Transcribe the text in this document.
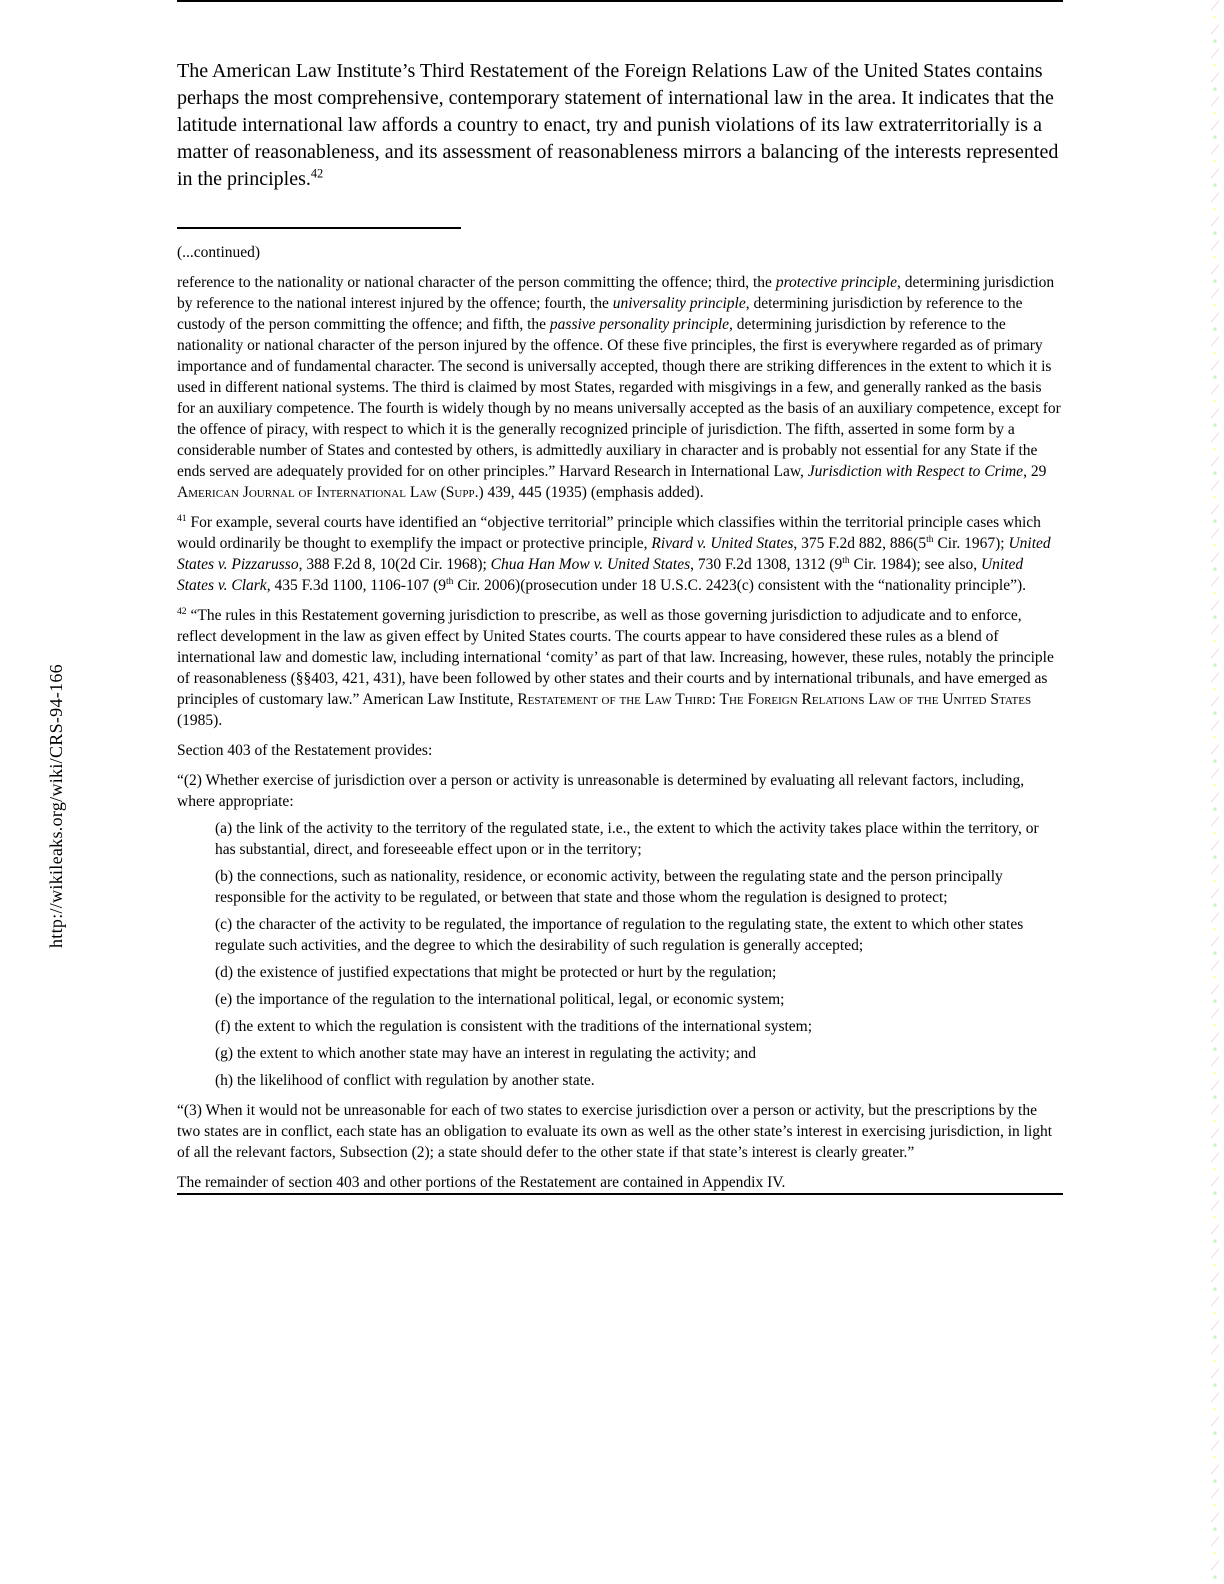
⟋
•
⟋
•
⟋
•
⟋
•
⟋
•
⟋
•
⟋
•
⟋
•
⟋
•
⟋
•
⟋
•
⟋
•
⟋
•
⟋
•
⟋
•
⟋
•
⟋
•
⟋
•
⟋
•
⟋
•
⟋
•
⟋
•
⟋
•
⟋
•
⟋
•
⟋
•
⟋
•
⟋
•
⟋
•
⟋
•
⟋
•
⟋
•
⟋
•
⟋
•
⟋
•
⟋
•
⟋
•
⟋
•
⟋
•
⟋
•
⟋
•
⟋
•
⟋
•
⟋
•
⟋
•
⟋
•
⟋
•
⟋
•
⟋
•
⟋
•
⟋
•
⟋
•
⟋
•
⟋
•
⟋
•
⟋
•
⟋
•
⟋
•
⟋
•
⟋
•
⟋
•
⟋
•
⟋
•
⟋
•
⟋
•
⟋
•
http://wikileaks.org/wiki/CRS-94-166

The American Law Institute’s Third Restatement of the Foreign Relations Law of the United States contains perhaps the most comprehensive, contemporary statement of international law in the area. It indicates that the latitude international law affords a country to enact, try and punish violations of its law extraterritorially is a matter of reasonableness, and its assessment of reasonableness mirrors a balancing of the interests represented in the principles.$^{42}$

(...continued)

reference to the nationality or national character of the person committing the offence; third, the protective principle, determining jurisdiction by reference to the national interest injured by the offence; fourth, the universality principle, determining jurisdiction by reference to the custody of the person committing the offence; and fifth, the passive personality principle, determining jurisdiction by reference to the nationality or national character of the person injured by the offence. Of these five principles, the first is everywhere regarded as of primary importance and of fundamental character. The second is universally accepted, though there are striking differences in the extent to which it is used in different national systems. The third is claimed by most States, regarded with misgivings in a few, and generally ranked as the basis for an auxiliary competence. The fourth is widely though by no means universally accepted as the basis of an auxiliary competence, except for the offence of piracy, with respect to which it is the generally recognized principle of jurisdiction. The fifth, asserted in some form by a considerable number of States and contested by others, is admittedly auxiliary in character and is probably not essential for any State if the ends served are adequately provided for on other principles.” Harvard Research in International Law, Jurisdiction with Respect to Crime, 29 American Journal of International Law (Supp.) 439, 445 (1935) (emphasis added).

$^{41}$ For example, several courts have identified an “objective territorial” principle which classifies within the territorial principle cases which would ordinarily be thought to exemplify the impact or protective principle, Rivard v. United States, 375 F.2d 882, 886(5th Cir. 1967); United States v. Pizzarusso, 388 F.2d 8, 10(2d Cir. 1968); Chua Han Mow v. United States, 730 F.2d 1308, 1312 (9th Cir. 1984); see also, United States v. Clark, 435 F.3d 1100, 1106-107 (9th Cir. 2006)(prosecution under 18 U.S.C. 2423(c) consistent with the “nationality principle”).

$^{42}$ “The rules in this Restatement governing jurisdiction to prescribe, as well as those governing jurisdiction to adjudicate and to enforce, reflect development in the law as given effect by United States courts. The courts appear to have considered these rules as a blend of international law and domestic law, including international ‘comity’ as part of that law. Increasing, however, these rules, notably the principle of reasonableness (§§403, 421, 431), have been followed by other states and their courts and by international tribunals, and have emerged as principles of customary law.” American Law Institute, Restatement of the Law Third: The Foreign Relations Law of the United States (1985).

Section 403 of the Restatement provides:

“(2) Whether exercise of jurisdiction over a person or activity is unreasonable is determined by evaluating all relevant factors, including, where appropriate:

(a) the link of the activity to the territory of the regulated state, i.e., the extent to which the activity takes place within the territory, or has substantial, direct, and foreseeable effect upon or in the territory;

(b) the connections, such as nationality, residence, or economic activity, between the regulating state and the person principally responsible for the activity to be regulated, or between that state and those whom the regulation is designed to protect;

(c) the character of the activity to be regulated, the importance of regulation to the regulating state, the extent to which other states regulate such activities, and the degree to which the desirability of such regulation is generally accepted;

(d) the existence of justified expectations that might be protected or hurt by the regulation;

(e) the importance of the regulation to the international political, legal, or economic system;

(f) the extent to which the regulation is consistent with the traditions of the international system;

(g) the extent to which another state may have an interest in regulating the activity; and

(h) the likelihood of conflict with regulation by another state.

“(3) When it would not be unreasonable for each of two states to exercise jurisdiction over a person or activity, but the prescriptions by the two states are in conflict, each state has an obligation to evaluate its own as well as the other state’s interest in exercising jurisdiction, in light of all the relevant factors, Subsection (2); a state should defer to the other state if that state’s interest is clearly greater.”

The remainder of section 403 and other portions of the Restatement are contained in Appendix IV.
